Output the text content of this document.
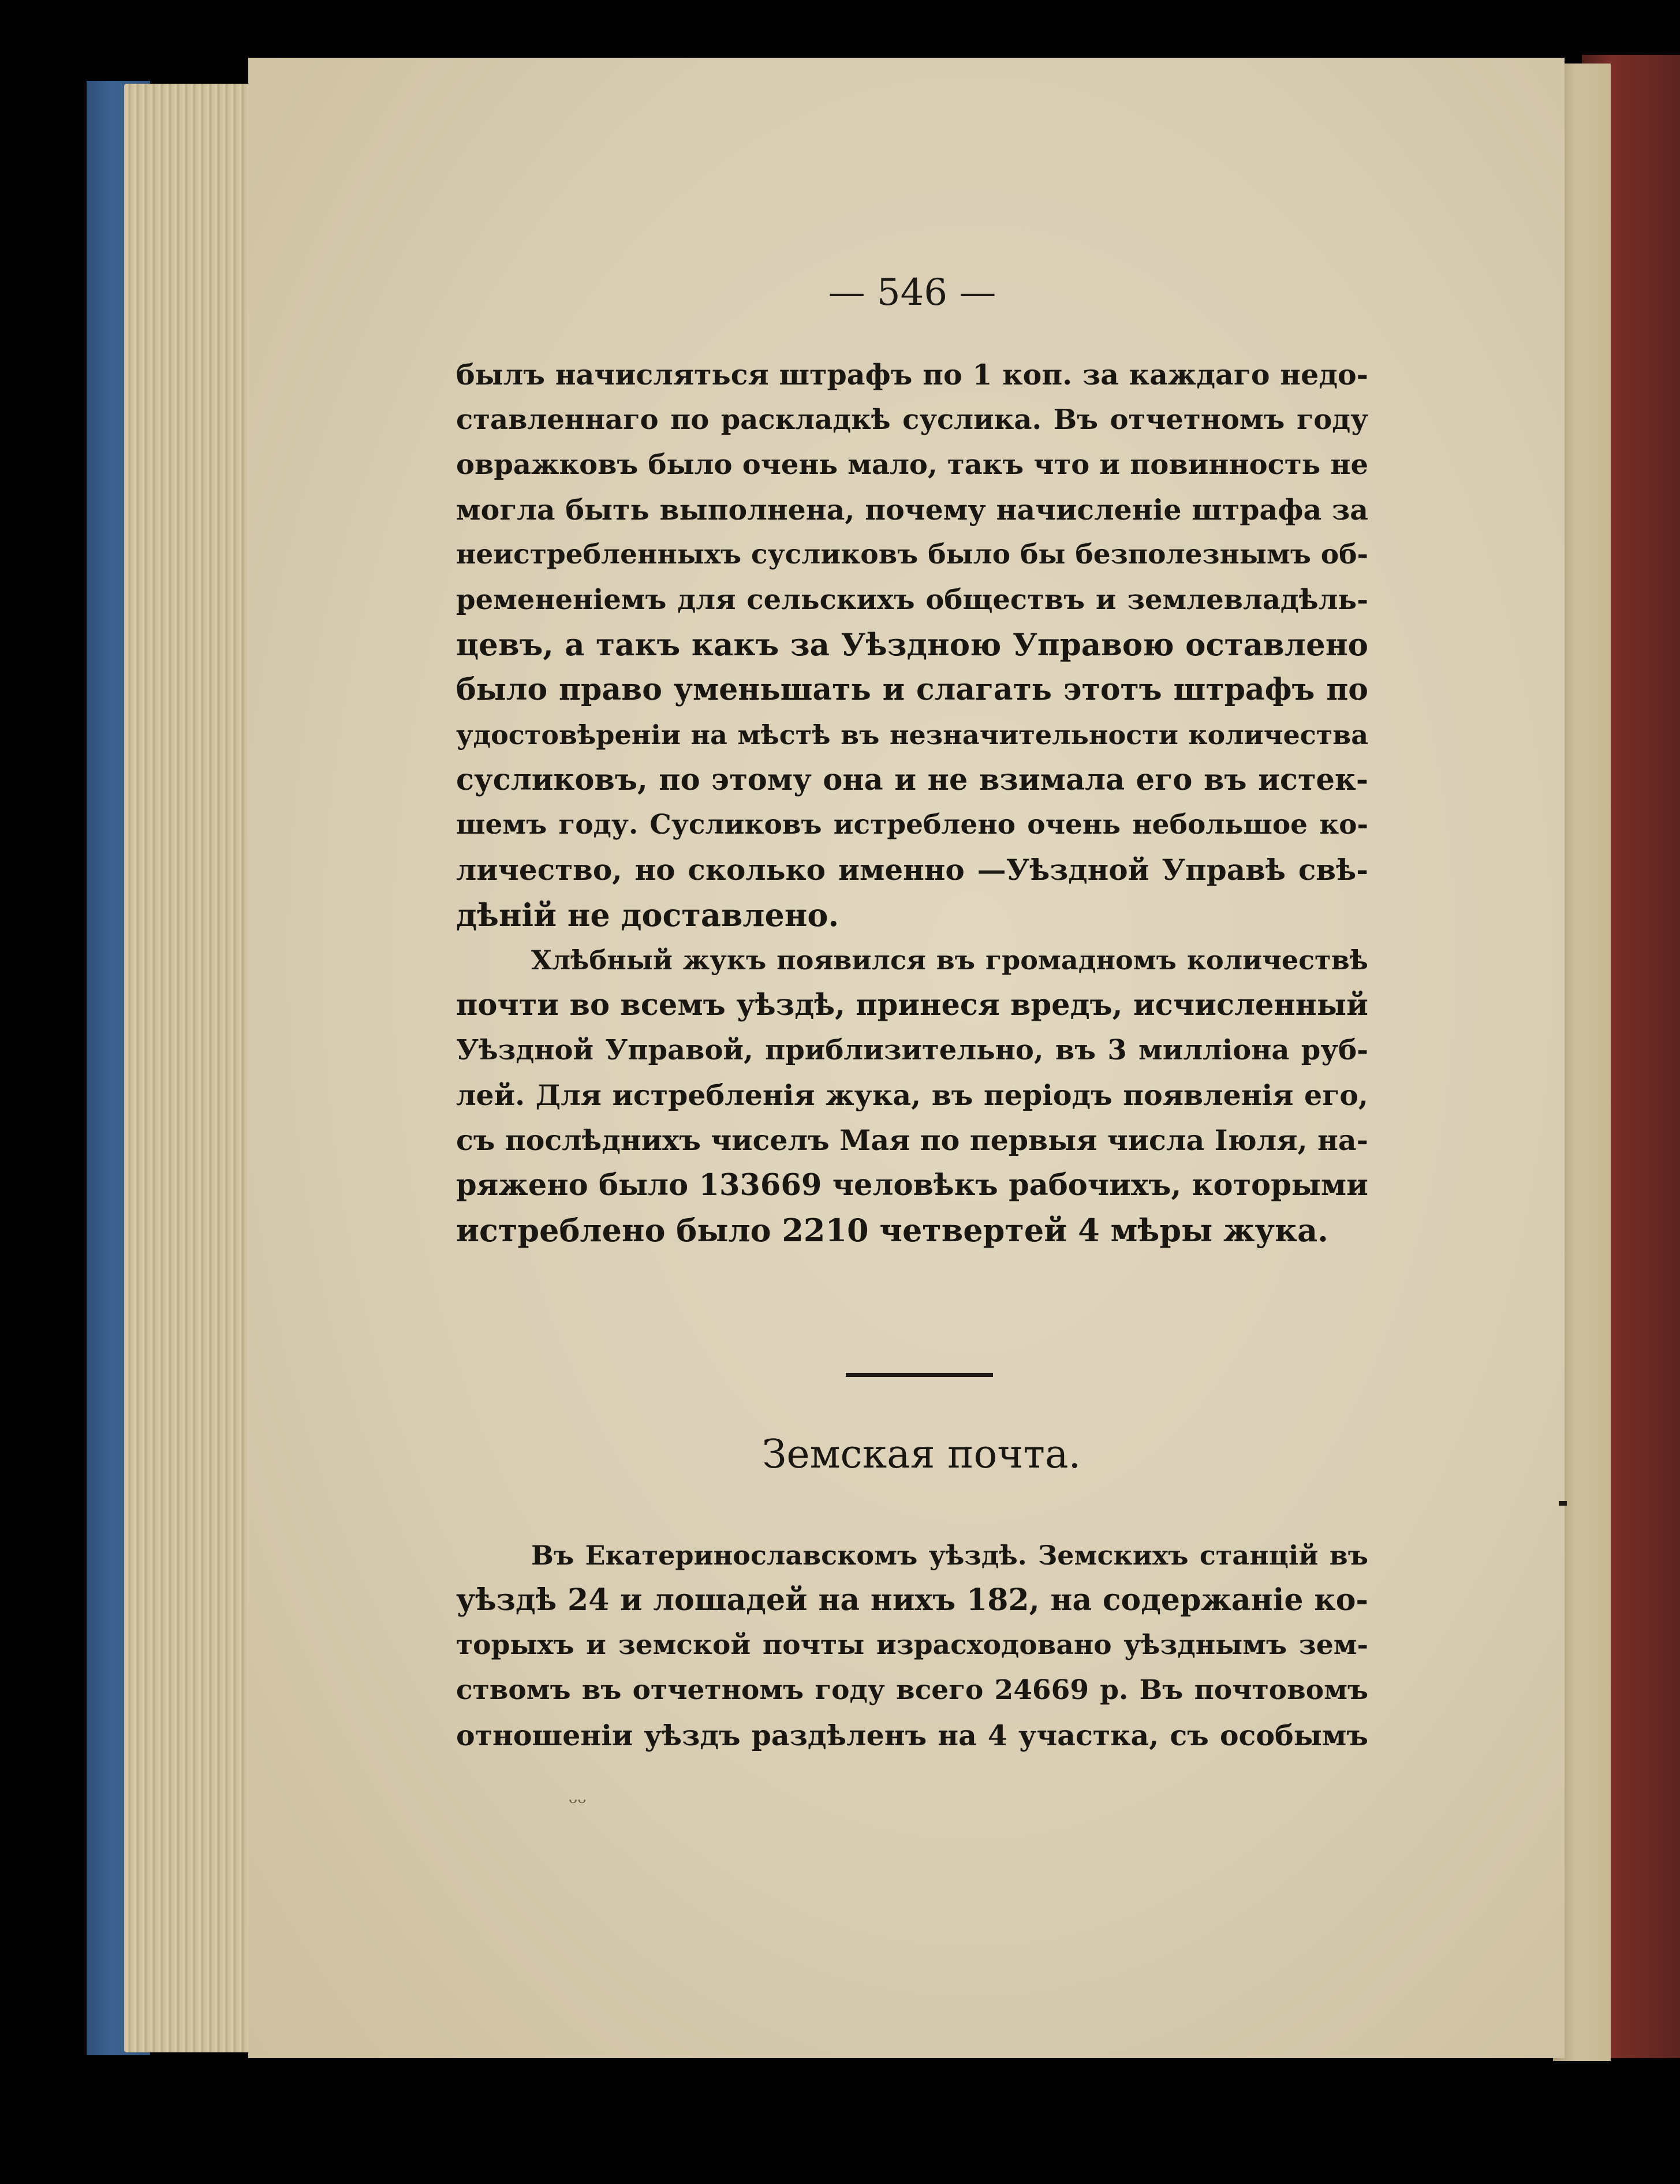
— 546 —
былъ начисляться штрафъ по 1 коп. за каждаго недо-
ставленнаго по раскладкѣ суслика. Въ отчетномъ году
овражковъ было очень мало, такъ что и повинность не
могла быть выполнена, почему начисленіе штрафа за
неистребленныхъ сусликовъ было бы безполезнымъ об-
ремененіемъ для сельскихъ обществъ и землевладѣль-
цевъ, а такъ какъ за Уѣздною Управою оставлено
было право уменьшать и слагать этотъ штрафъ по
удостовѣреніи на мѣстѣ въ незначительности количества
сусликовъ, по этому она и не взимала его въ истек-
шемъ году. Сусликовъ истреблено очень небольшое ко-
личество, но сколько именно —Уѣздной Управѣ свѣ-
дѣній не доставлено.
Хлѣбный жукъ появился въ громадномъ количествѣ
почти во всемъ уѣздѣ, принеся вредъ, исчисленный
Уѣздной Управой, приблизительно, въ 3 милліона руб-
лей. Для истребленія жука, въ періодъ появленія его,
съ послѣднихъ чиселъ Мая по первыя числа Іюля, на-
ряжено было 133669 человѣкъ рабочихъ, которыми
истреблено было 2210 четвертей 4 мѣры жука.
Земская почта.
Въ Екатеринославскомъ уѣздѣ. Земскихъ станцій въ
уѣздѣ 24 и лошадей на нихъ 182, на содержаніе ко-
торыхъ и земской почты израсходовано уѣзднымъ зем-
ствомъ въ отчетномъ году всего 24669 р. Въ почтовомъ
отношеніи уѣздъ раздѣленъ на 4 участка, съ особымъ
ᵕᵕ
